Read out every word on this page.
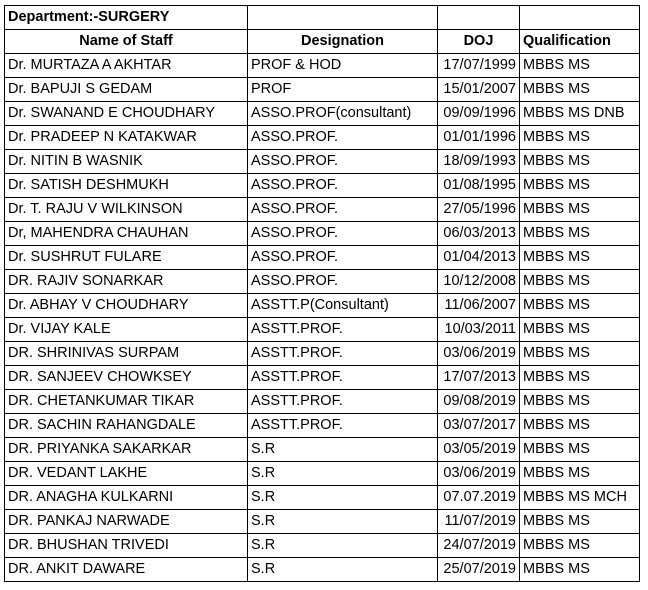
Department:-SURGERY			
Name of Staff	Designation	DOJ	Qualification
Dr. MURTAZA A AKHTAR	PROF & HOD	17/07/1999	MBBS MS
Dr. BAPUJI S GEDAM	PROF	15/01/2007	MBBS MS
Dr. SWANAND E CHOUDHARY	ASSO.PROF(consultant)	09/09/1996	MBBS MS DNB
Dr. PRADEEP N KATAKWAR	ASSO.PROF.	01/01/1996	MBBS MS
Dr. NITIN B WASNIK	ASSO.PROF.	18/09/1993	MBBS MS
Dr. SATISH DESHMUKH	ASSO.PROF.	01/08/1995	MBBS MS
Dr. T. RAJU V WILKINSON	ASSO.PROF.	27/05/1996	MBBS MS
Dr, MAHENDRA CHAUHAN	ASSO.PROF.	06/03/2013	MBBS MS
Dr. SUSHRUT FULARE	ASSO.PROF.	01/04/2013	MBBS MS
DR. RAJIV SONARKAR	ASSO.PROF.	10/12/2008	MBBS MS
Dr. ABHAY V CHOUDHARY	ASSTT.P(Consultant)	11/06/2007	MBBS MS
Dr. VIJAY KALE	ASSTT.PROF.	10/03/2011	MBBS MS
DR. SHRINIVAS SURPAM	ASSTT.PROF.	03/06/2019	MBBS MS
DR. SANJEEV CHOWKSEY	ASSTT.PROF.	17/07/2013	MBBS MS
DR. CHETANKUMAR TIKAR	ASSTT.PROF.	09/08/2019	MBBS MS
DR. SACHIN RAHANGDALE	ASSTT.PROF.	03/07/2017	MBBS MS
DR. PRIYANKA SAKARKAR	S.R	03/05/2019	MBBS MS
DR. VEDANT LAKHE	S.R	03/06/2019	MBBS MS
DR. ANAGHA KULKARNI	S.R	07.07.2019	MBBS MS MCH
DR. PANKAJ NARWADE	S.R	11/07/2019	MBBS MS
DR. BHUSHAN TRIVEDI	S.R	24/07/2019	MBBS MS
DR. ANKIT DAWARE	S.R	25/07/2019	MBBS MS
